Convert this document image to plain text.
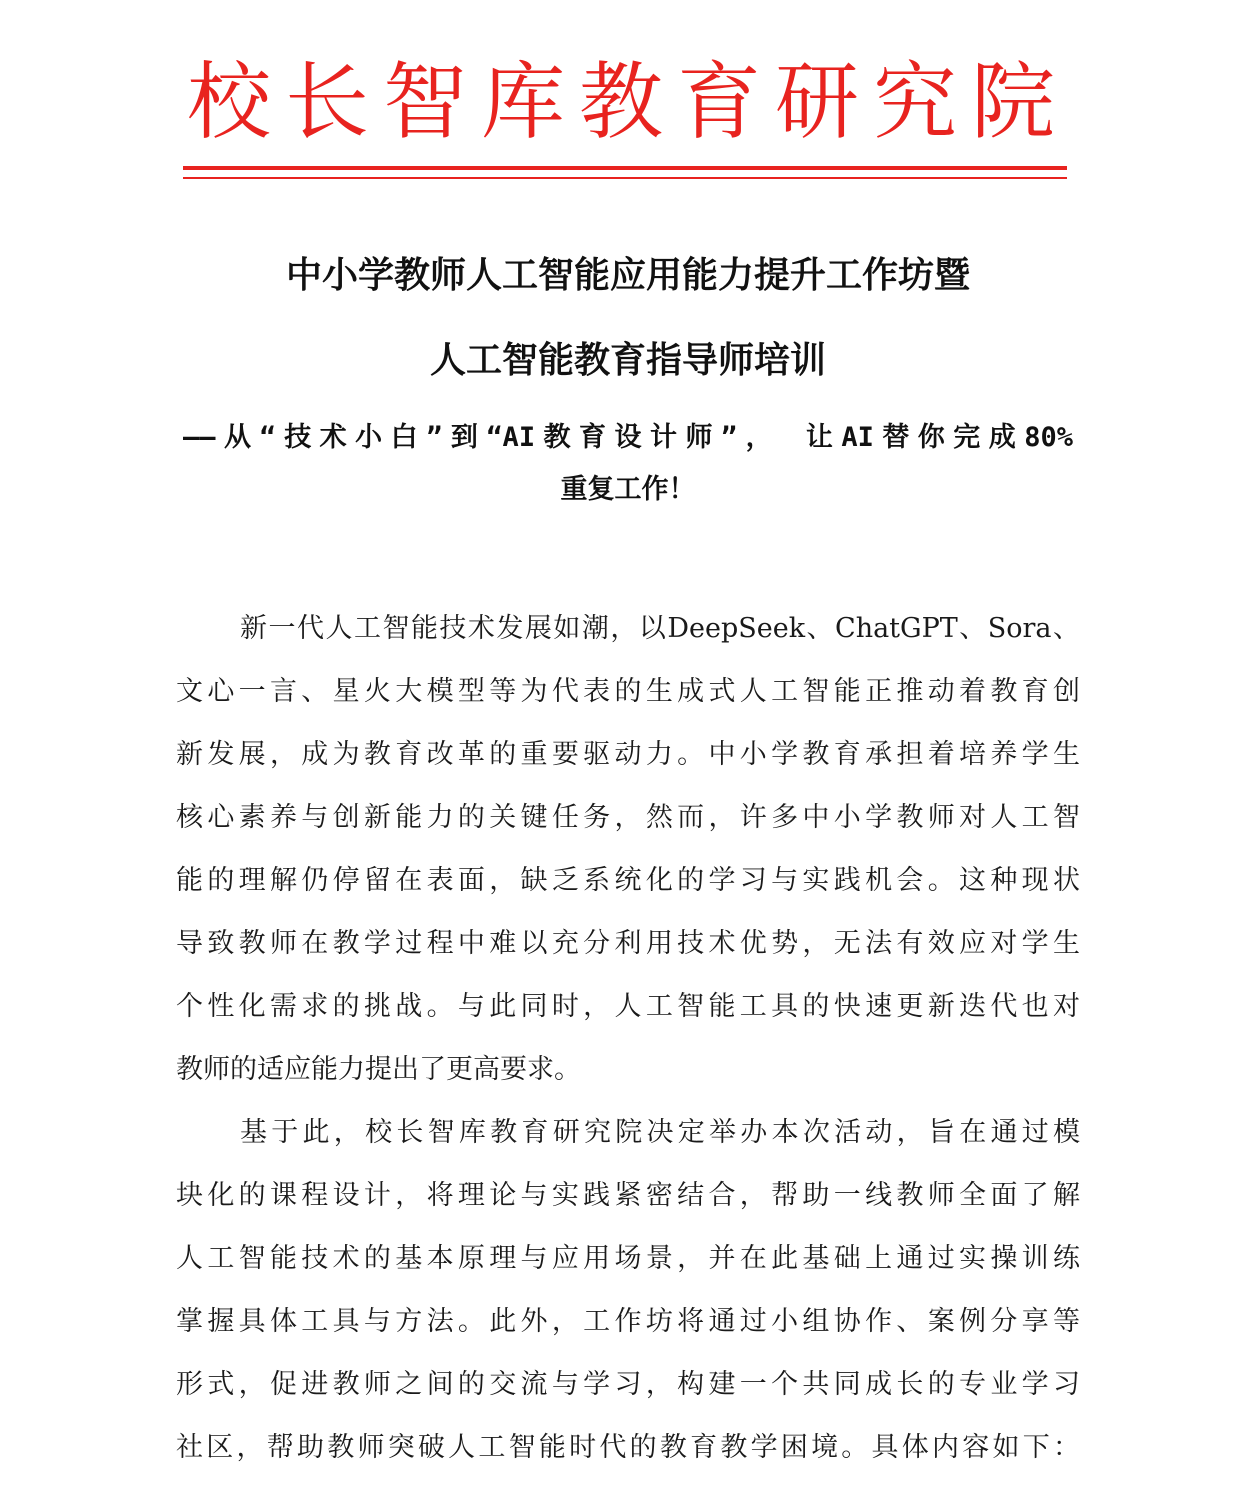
校长智库教育研究院
中小学教师人工智能应用能力提升工作坊暨
人工智能教育指导师培训
——从“技术小白”到“AI教育设计师”， 让AI替你完成80%
重复工作！
新一代人工智能技术发展如潮，以DeepSeek、ChatGPT、Sora、
文心一言、星火大模型等为代表的生成式人工智能正推动着教育创
新发展，成为教育改革的重要驱动力。中小学教育承担着培养学生
核心素养与创新能力的关键任务，然而，许多中小学教师对人工智
能的理解仍停留在表面，缺乏系统化的学习与实践机会。这种现状
导致教师在教学过程中难以充分利用技术优势，无法有效应对学生
个性化需求的挑战。与此同时，人工智能工具的快速更新迭代也对
教师的适应能力提出了更高要求。
基于此，校长智库教育研究院决定举办本次活动，旨在通过模
块化的课程设计，将理论与实践紧密结合，帮助一线教师全面了解
人工智能技术的基本原理与应用场景，并在此基础上通过实操训练
掌握具体工具与方法。此外，工作坊将通过小组协作、案例分享等
形式，促进教师之间的交流与学习，构建一个共同成长的专业学习
社区，帮助教师突破人工智能时代的教育教学困境。具体内容如下：
